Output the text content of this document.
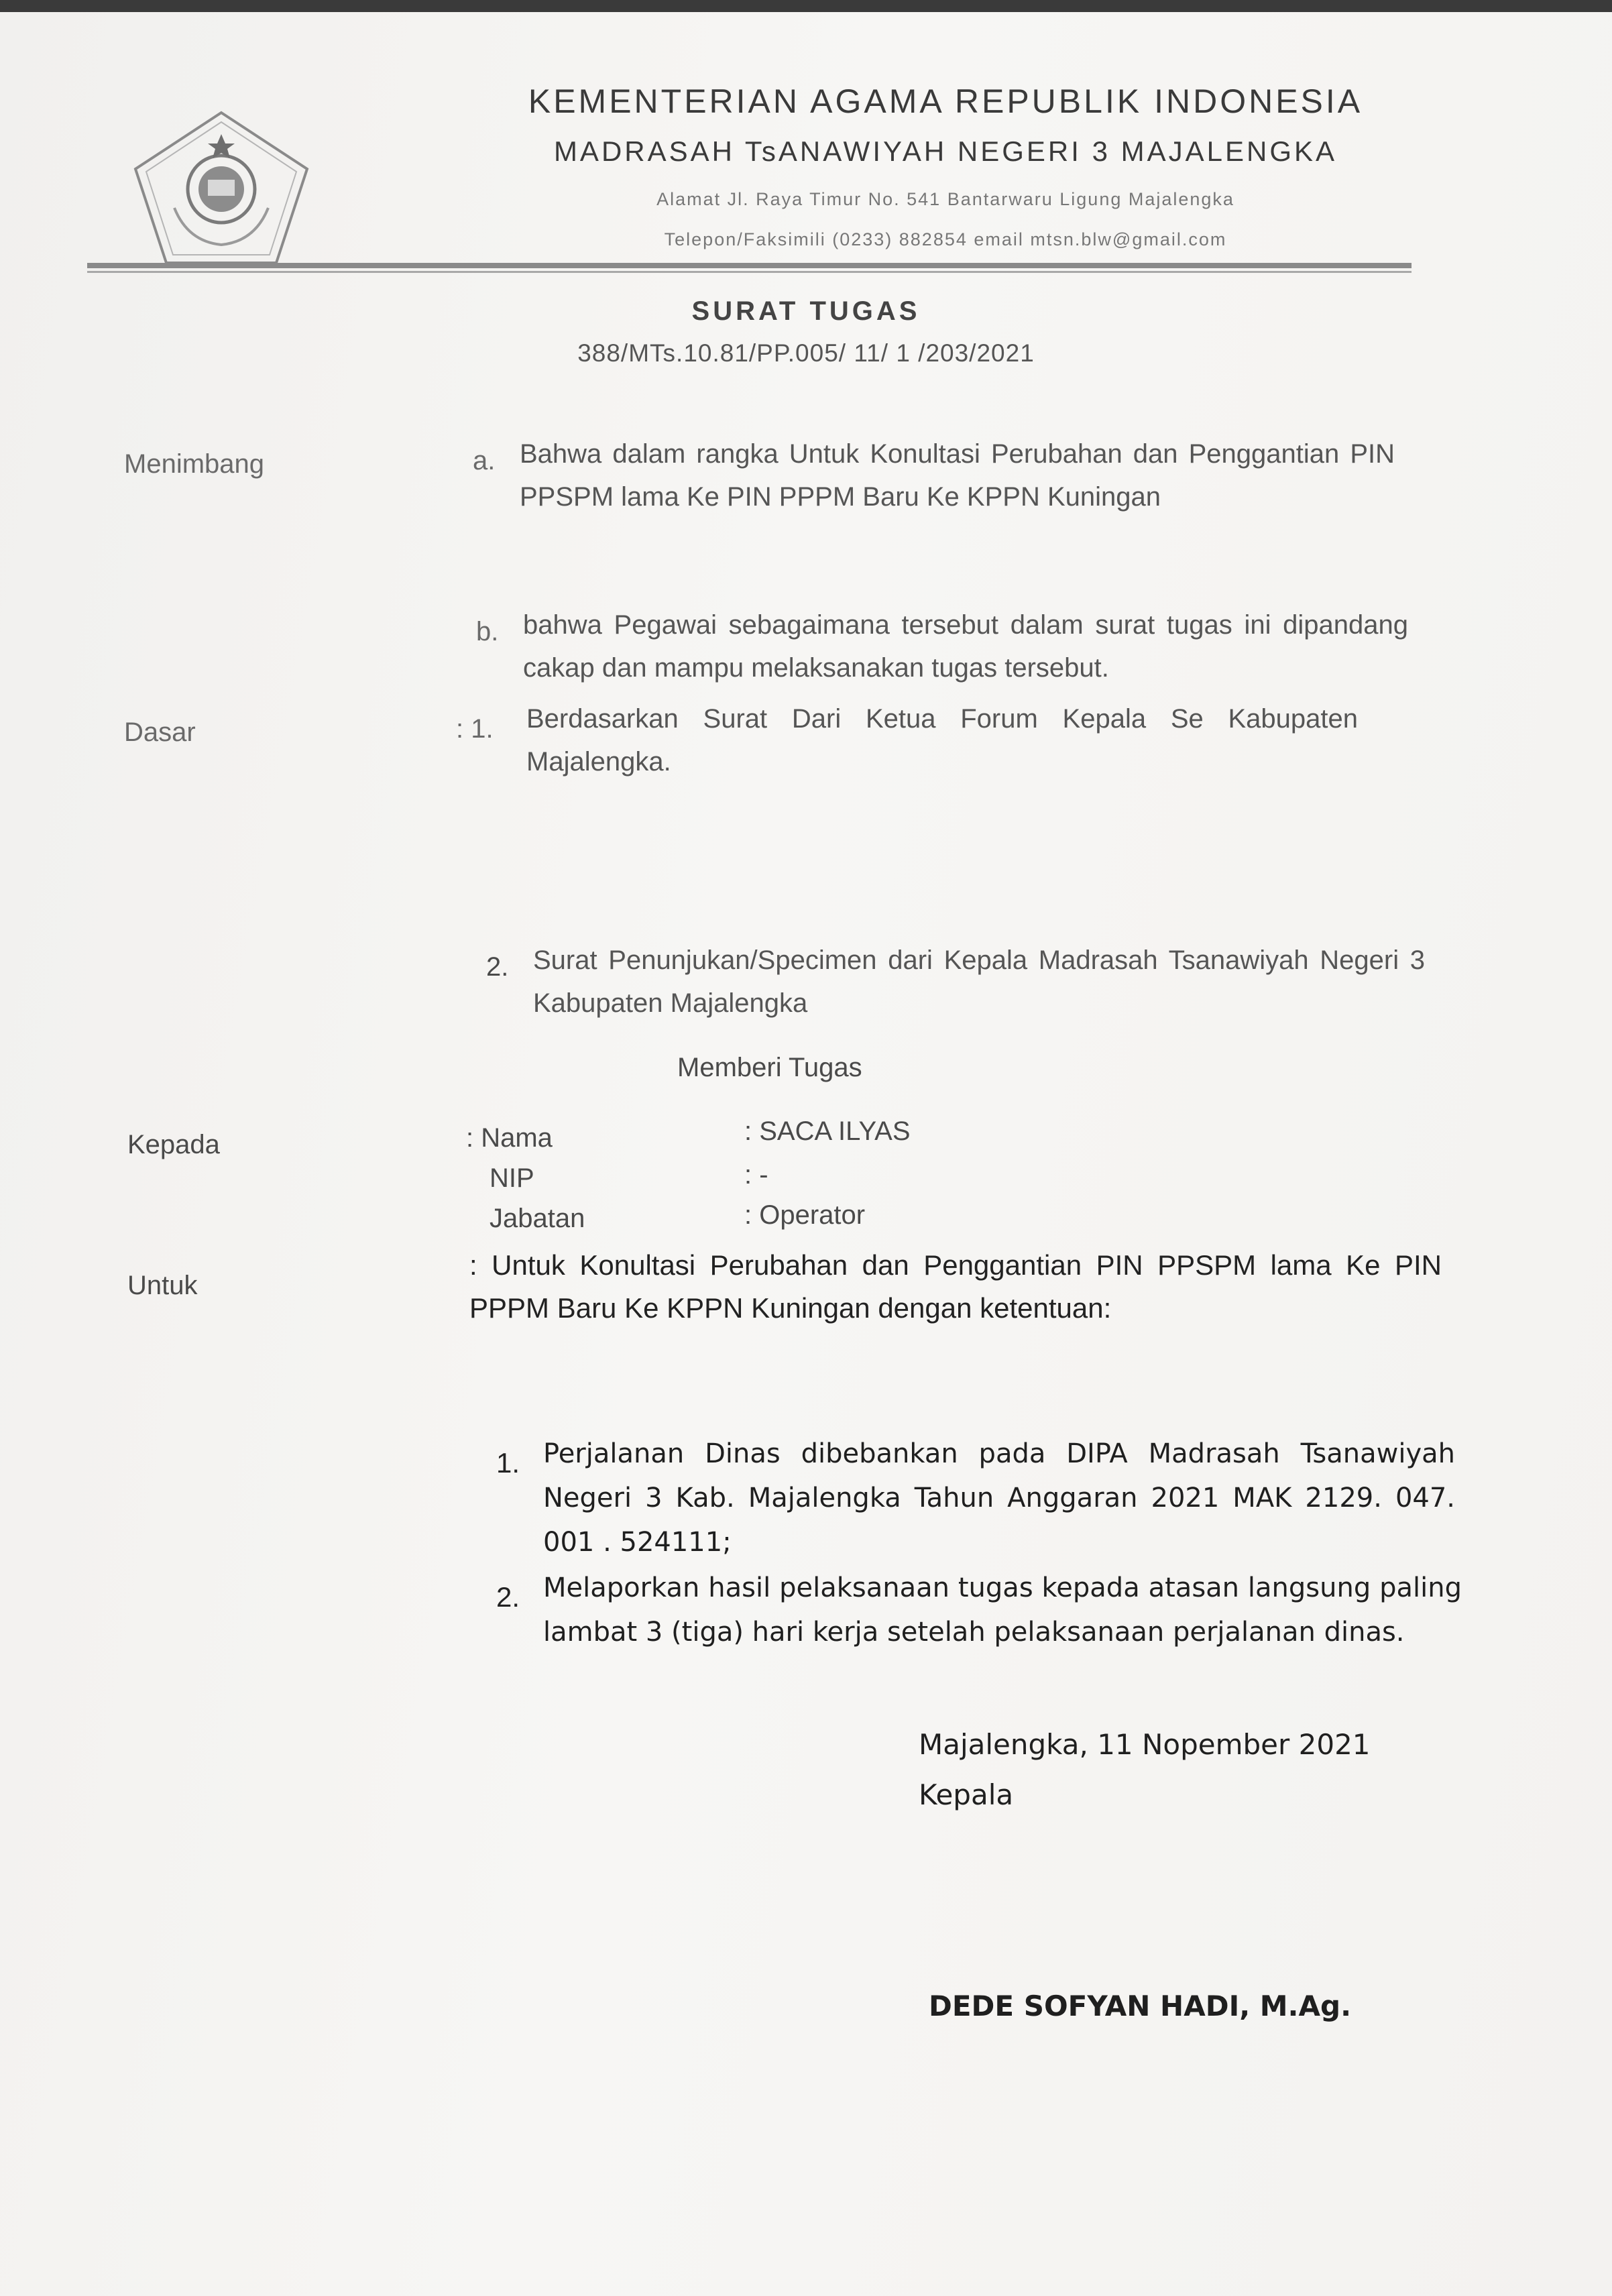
KEMENTERIAN AGAMA REPUBLIK INDONESIA
MADRASAH TsANAWIYAH NEGERI 3 MAJALENGKA
Alamat Jl. Raya Timur No. 541 Bantarwaru Ligung Majalengka
Telepon/Faksimili (0233) 882854 email mtsn.blw@gmail.com
SURAT TUGAS
388/MTs.10.81/PP.005/ 11/ 1 /203/2021
Menimbang	a. Bahwa dalam rangka Untuk Konultasi Perubahan dan Penggantian PIN PPSPM lama Ke PIN PPPM Baru Ke KPPN Kuningan
b. bahwa Pegawai sebagaimana tersebut dalam surat tugas ini dipandang cakap dan mampu melaksanakan tugas tersebut.
Dasar	: 1. Berdasarkan Surat Dari Ketua Forum Kepala Se Kabupaten Majalengka.
2. Surat Penunjukan/Specimen dari Kepala Madrasah Tsanawiyah Negeri 3 Kabupaten Majalengka
Memberi Tugas
Kepada	: Nama	: SACA ILYAS
NIP	: -
Jabatan	: Operator
Untuk
: Untuk Konultasi Perubahan dan Penggantian PIN PPSPM lama Ke PIN PPPM Baru Ke KPPN Kuningan dengan ketentuan:
1. Perjalanan Dinas dibebankan pada DIPA Madrasah Tsanawiyah Negeri 3 Kab. Majalengka Tahun Anggaran 2021 MAK 2129. 047. 001 . 524111;
2. Melaporkan hasil pelaksanaan tugas kepada atasan langsung paling lambat 3 (tiga) hari kerja setelah pelaksanaan perjalanan dinas.
Majalengka, 11 Nopember 2021
Kepala
DEDE SOFYAN HADI, M.Ag.
